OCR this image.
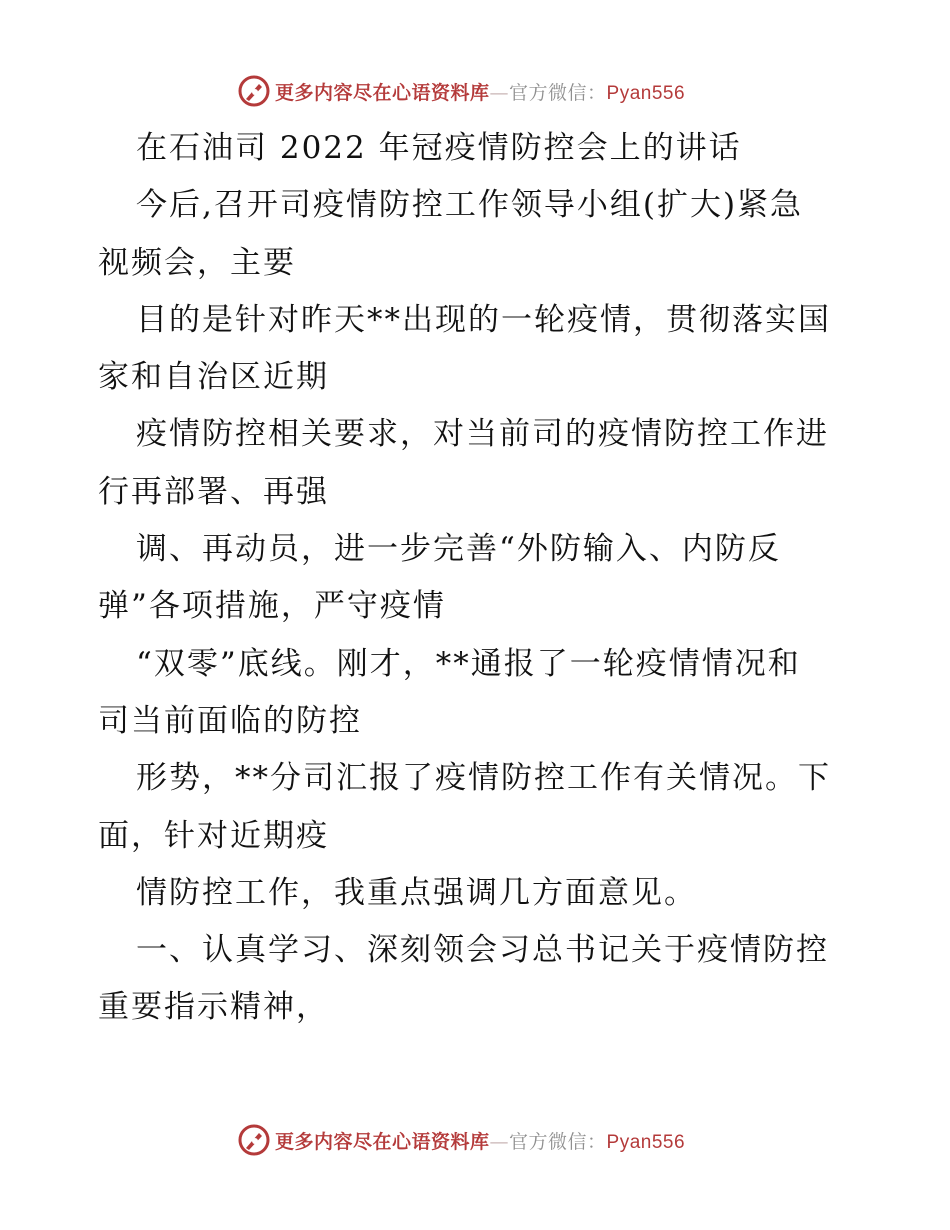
更多内容尽在心语资料库—官方微信：Pyan556
在石油司 2022 年冠疫情防控会上的讲话
今后,召开司疫情防控工作领导小组(扩大)紧急
视频会，主要
目的是针对昨天**出现的一轮疫情，贯彻落实国
家和自治区近期
疫情防控相关要求，对当前司的疫情防控工作进
行再部署、再强
调、再动员，进一步完善“外防输入、内防反
弹”各项措施，严守疫情
“双零”底线。刚才，**通报了一轮疫情情况和
司当前面临的防控
形势，**分司汇报了疫情防控工作有关情况。下
面，针对近期疫
情防控工作，我重点强调几方面意见。
一、认真学习、深刻领会习总书记关于疫情防控
重要指示精神，
更多内容尽在心语资料库—官方微信：Pyan556
